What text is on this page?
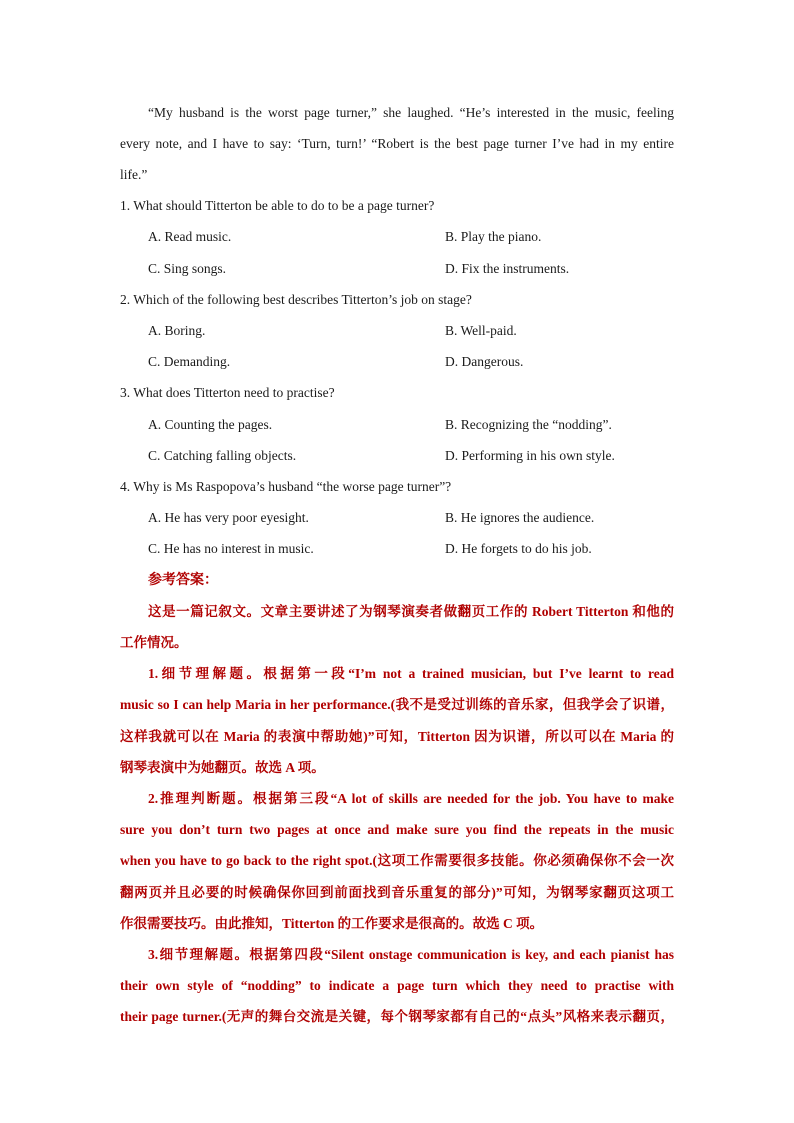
“My husband is the worst page turner,” she laughed. “He’s interested in the music, feeling
every note, and I have to say: ‘Turn, turn!’ “Robert is the best page turner I’ve had in my entire
life.”
1. What should Titterton be able to do to be a page turner?
A. Read music.	B. Play the piano.
C. Sing songs.	D. Fix the instruments.
2. Which of the following best describes Titterton’s job on stage?
A. Boring.	B. Well-paid.
C. Demanding.	D. Dangerous.
3. What does Titterton need to practise?
A. Counting the pages.	B. Recognizing the “nodding”.
C. Catching falling objects.	D. Performing in his own style.
4. Why is Ms Raspopova’s husband “the worse page turner”?
A. He has very poor eyesight.	B. He ignores the audience.
C. He has no interest in music.	D. He forgets to do his job.
参考答案：
这是一篇记叙文。文章主要讲述了为钢琴演奏者做翻页工作的 Robert Titterton 和他的
工作情况。
1.细节理解题。根据第一段“I’m not a trained musician, but I’ve learnt to read
music so I can help Maria in her performance.(我不是受过训练的音乐家，但我学会了识谱，
这样我就可以在 Maria 的表演中帮助她)”可知，Titterton 因为识谱，所以可以在 Maria 的
钢琴表演中为她翻页。故选 A 项。
2.推理判断题。根据第三段“A lot of skills are needed for the job. You have to make
sure you don’t turn two pages at once and make sure you find the repeats in the music
when you have to go back to the right spot.(这项工作需要很多技能。你必须确保你不会一次
翻两页并且必要的时候确保你回到前面找到音乐重复的部分)”可知，为钢琴家翻页这项工
作很需要技巧。由此推知，Titterton 的工作要求是很高的。故选 C 项。
3.细节理解题。根据第四段“Silent onstage communication is key, and each pianist has
their own style of “nodding” to indicate a page turn which they need to practise with
their page turner.(无声的舞台交流是关键，每个钢琴家都有自己的“点头”风格来表示翻页，
